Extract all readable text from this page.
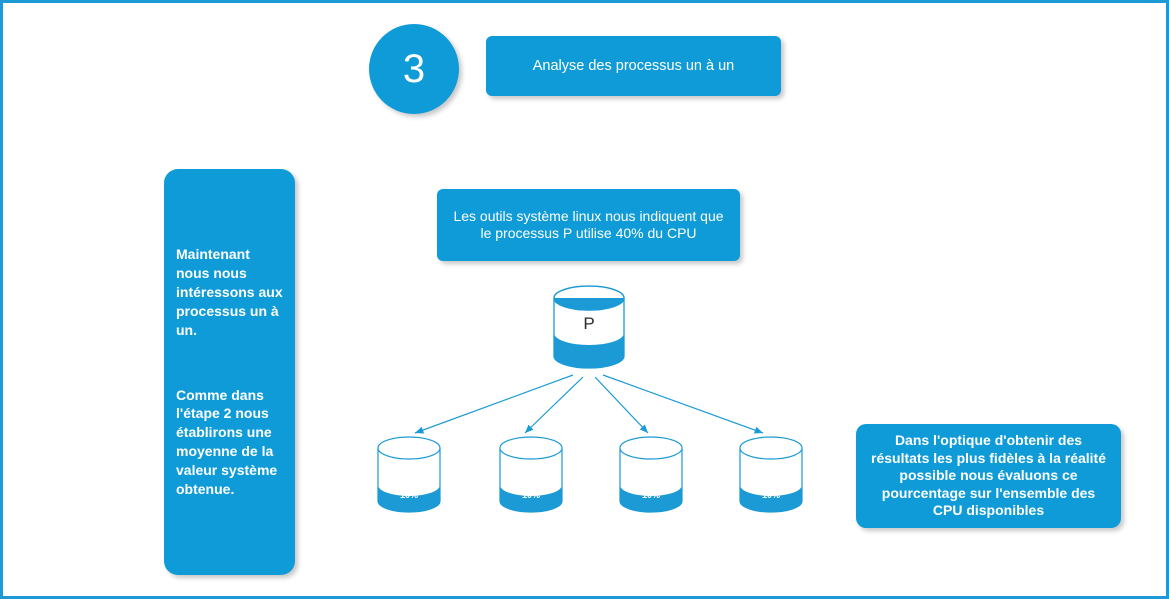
3	Analyse des processus un à un
Les outils système linux nous indiquent que le processus P utilise 40% du CPU
Dans l'optique d'obtenir des résultats les plus fidèles à la réalité possible nous évaluons ce pourcentage sur l'ensemble des CPU disponibles
Maintenant nous nous intéressons aux processus un à un.
Comme dans l'étape 2 nous établirons une moyenne de la valeur système obtenue.
P
40%
10%	10%	10%	10%
